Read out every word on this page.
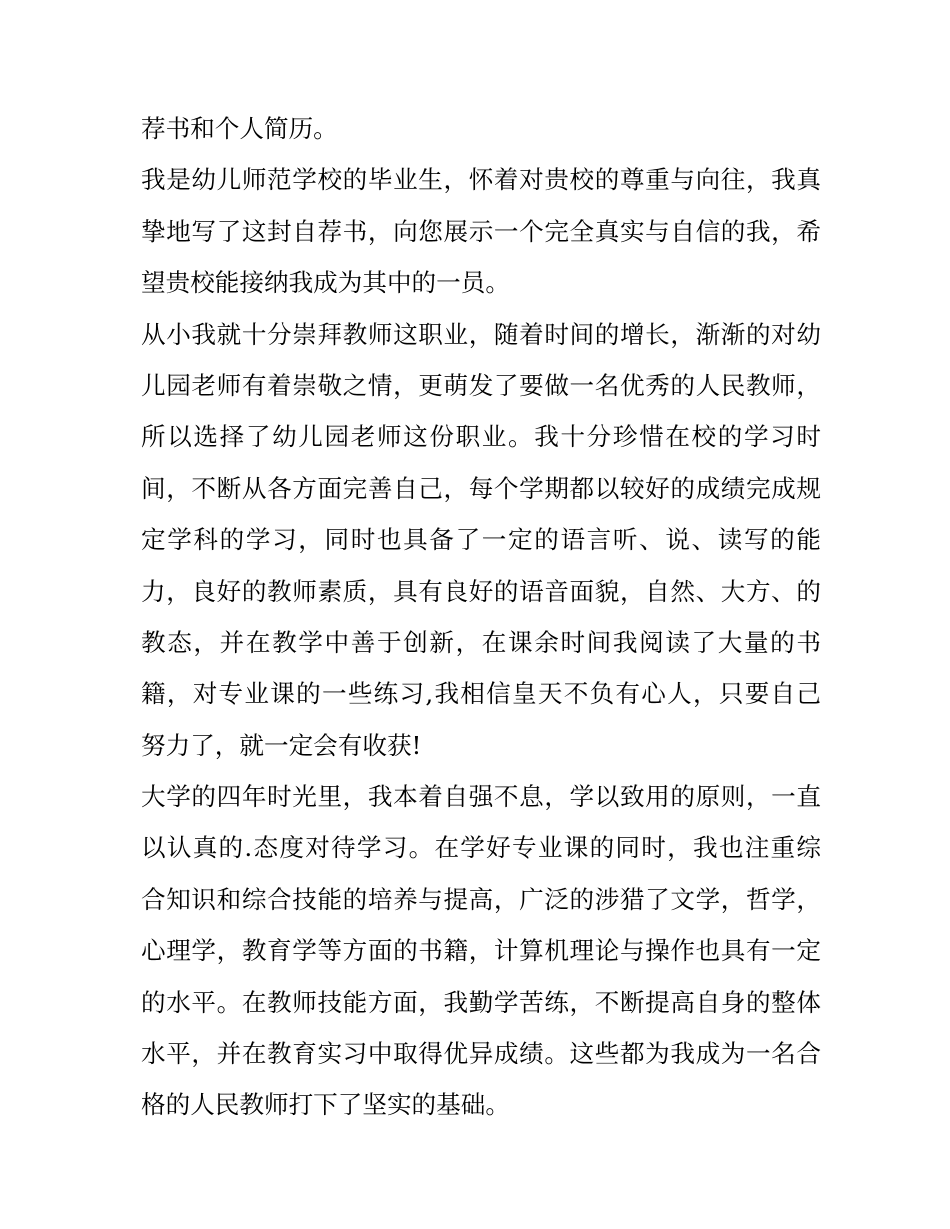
荐书和个人简历。
我是幼儿师范学校的毕业生，怀着对贵校的尊重与向往，我真
挚地写了这封自荐书，向您展示一个完全真实与自信的我，希
望贵校能接纳我成为其中的一员。
从小我就十分崇拜教师这职业，随着时间的增长，渐渐的对幼
儿园老师有着崇敬之情，更萌发了要做一名优秀的人民教师，
所以选择了幼儿园老师这份职业。我十分珍惜在校的学习时
间，不断从各方面完善自己，每个学期都以较好的成绩完成规
定学科的学习，同时也具备了一定的语言听、说、读写的能
力，良好的教师素质，具有良好的语音面貌，自然、大方、的
教态，并在教学中善于创新，在课余时间我阅读了大量的书
籍，对专业课的一些练习,我相信皇天不负有心人，只要自己
努力了，就一定会有收获!
大学的四年时光里，我本着自强不息，学以致用的原则，一直
以认真的.态度对待学习。在学好专业课的同时，我也注重综
合知识和综合技能的培养与提高，广泛的涉猎了文学，哲学，
心理学，教育学等方面的书籍，计算机理论与操作也具有一定
的水平。在教师技能方面，我勤学苦练，不断提高自身的整体
水平，并在教育实习中取得优异成绩。这些都为我成为一名合
格的人民教师打下了坚实的基础。
